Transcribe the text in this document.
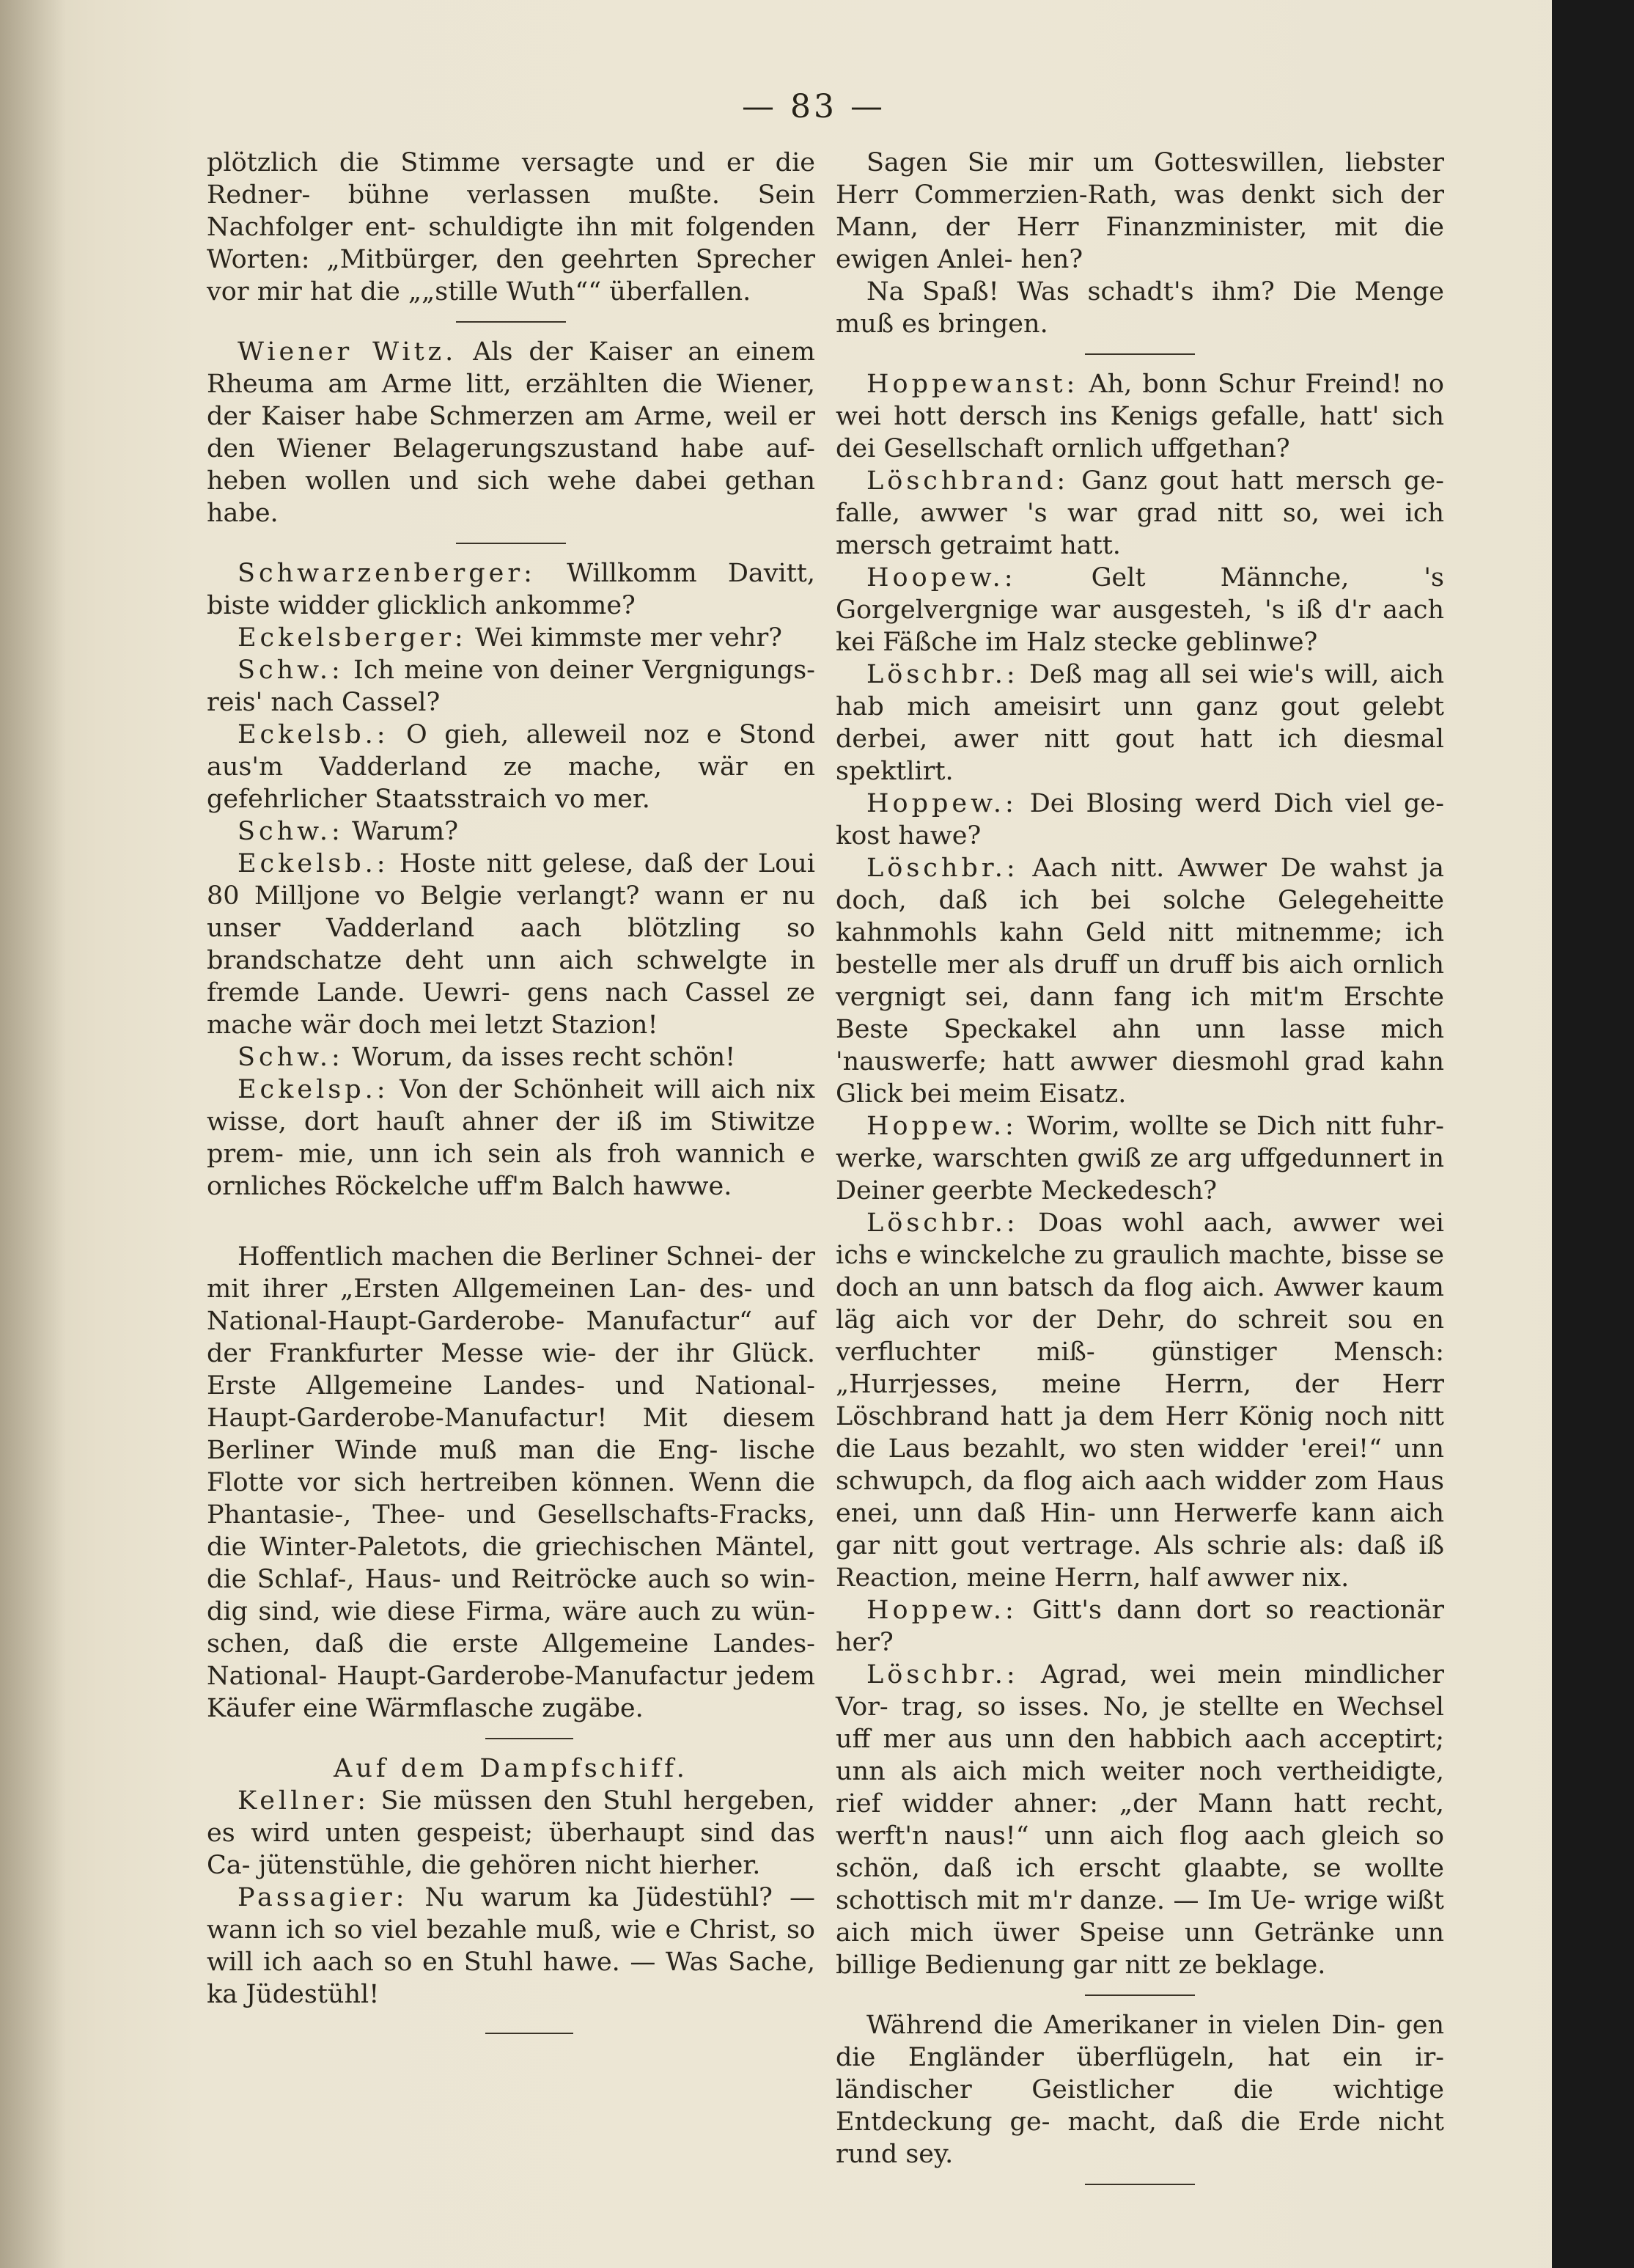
— 83 —

plötzlich die Stimme versagte und er die Redner- bühne verlassen mußte. Sein Nachfolger ent- schuldigte ihn mit folgenden Worten: „Mitbürger, den geehrten Sprecher vor mir hat die „„stille Wuth““ überfallen.

Wiener Witz. Als der Kaiser an einem Rheuma am Arme litt, erzählten die Wiener, der Kaiser habe Schmerzen am Arme, weil er den Wiener Belagerungszustand habe auf- heben wollen und sich wehe dabei gethan habe.

Schwarzenberger: Willkomm Davitt, biste widder glicklich ankomme?

Eckelsberger: Wei kimmste mer vehr?

Schw.: Ich meine von deiner Vergnigungs- reis' nach Cassel?

Eckelsb.: O gieh, alleweil noz e Stond aus'm Vadderland ze mache, wär en gefehrlicher Staatsstraich vo mer.

Schw.: Warum?

Eckelsb.: Hoste nitt gelese, daß der Loui 80 Milljone vo Belgie verlangt? wann er nu unser Vadderland aach blötzling so brandschatze deht unn aich schwelgte in fremde Lande. Uewri- gens nach Cassel ze mache wär doch mei letzt Stazion!

Schw.: Worum, da isses recht schön!

Eckelsp.: Von der Schönheit will aich nix wisse, dort hauſt ahner der iß im Stiwitze prem- mie, unn ich sein als froh wannich e ornliches Röckelche uff'm Balch hawwe.

Hoffentlich machen die Berliner Schnei- der mit ihrer „Ersten Allgemeinen Lan- des- und National-Haupt-Garderobe- Manufactur“ auf der Frankfurter Messe wie- der ihr Glück. Erste Allgemeine Landes- und National-Haupt-Garderobe-Manufactur! Mit diesem Berliner Winde muß man die Eng- lische Flotte vor sich hertreiben können. Wenn die Phantasie-, Thee- und Gesellschafts-Fracks, die Winter-Paletots, die griechischen Mäntel, die Schlaf-, Haus- und Reitröcke auch so win- dig sind, wie diese Firma, wäre auch zu wün- schen, daß die erste Allgemeine Landes-National- Haupt-Garderobe-Manufactur jedem Käufer eine Wärmflasche zugäbe.

Auf dem Dampfschiff.

Kellner: Sie müssen den Stuhl hergeben, es wird unten gespeist; überhaupt sind das Ca- jütenstühle, die gehören nicht hierher.

Passagier: Nu warum ka Jüdestühl? — wann ich so viel bezahle muß, wie e Christ, so will ich aach so en Stuhl hawe. — Was Sache, ka Jüdestühl!

Sagen Sie mir um Gotteswillen, liebster Herr Commerzien-Rath, was denkt sich der Mann, der Herr Finanzminister, mit die ewigen Anlei- hen?

Na Spaß! Was schadt's ihm? Die Menge muß es bringen.

Hoppewanst: Ah, bonn Schur Freind! no wei hott dersch ins Kenigs gefalle, hatt' sich dei Gesellschaft ornlich uffgethan?

Löschbrand: Ganz gout hatt mersch ge- falle, awwer 's war grad nitt so, wei ich mersch getraimt hatt.

Hoopew.:	Gelt Männche, 's Gorgelvergnige war ausgesteh, 's iß d'r aach kei Fäßche im Halz stecke geblinwe?

Löschbr.: Deß mag all sei wie's will, aich hab mich ameisirt unn ganz gout gelebt derbei, awer nitt gout hatt ich diesmal spektlirt.

Hoppew.: Dei Blosing werd Dich viel ge- kost hawe?

Löschbr.: Aach nitt. Awwer De wahst ja doch, daß ich bei solche Gelegeheitte kahnmohls kahn Geld nitt mitnemme; ich bestelle mer als druff un druff bis aich ornlich vergnigt sei, dann fang ich mit'm Erschte Beste Speckakel ahn unn lasse mich 'nauswerfe; hatt awwer diesmohl grad kahn Glick bei meim Eisatz.

Hoppew.: Worim, wollte se Dich nitt fuhr- werke, warschten gwiß ze arg uffgedunnert in Deiner geerbte Meckedesch?

Löschbr.: Doas wohl aach, awwer wei ichs e winckelche zu graulich machte, bisse se doch an unn batsch da flog aich. Awwer kaum läg aich vor der Dehr, do schreit sou en verfluchter miß- günstiger Mensch: „Hurrjesses, meine Herrn, der Herr Löschbrand hatt ja dem Herr König noch nitt die Laus bezahlt, wo sten widder 'erei!“ unn schwupch, da flog aich aach widder zom Haus enei, unn daß Hin- unn Herwerfe kann aich gar nitt gout vertrage. Als schrie als: daß iß Reaction, meine Herrn, half awwer nix.

Hoppew.: Gitt's dann dort so reactionär her?

Löschbr.: Agrad, wei mein mindlicher Vor- trag, so isses. No, je stellte en Wechsel uff mer aus unn den habbich aach acceptirt; unn als aich mich weiter noch vertheidigte, rief widder ahner: „der Mann hatt recht, werft'n naus!“ unn aich flog aach gleich so schön, daß ich erscht glaabte, se wollte schottisch mit m'r danze. — Im Ue- wrige wißt aich mich üwer Speise unn Getränke unn billige Bedienung gar nitt ze beklage.

Während die Amerikaner in vielen Din- gen die Engländer überflügeln, hat ein ir- ländischer Geistlicher die wichtige Entdeckung ge- macht, daß die Erde nicht rund sey.
